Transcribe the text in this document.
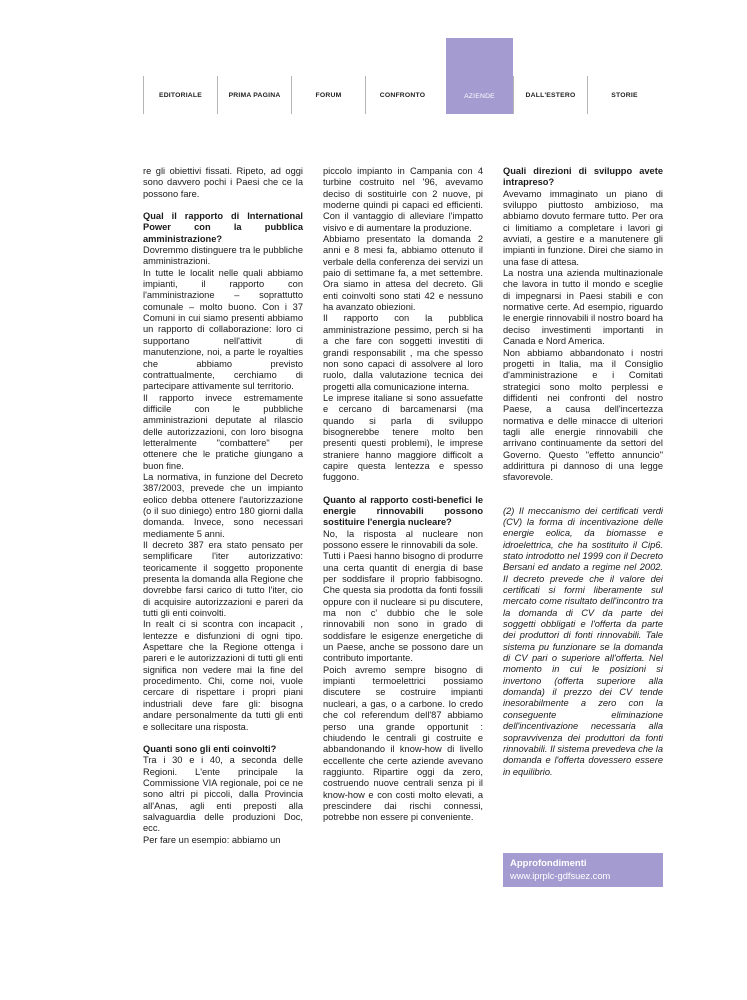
EDITORIALE	PRIMA PAGINA	FORUM	CONFRONTO	AZIENDE	DALL'ESTERO	STORIE

re gli obiettivi fissati. Ripeto, ad oggi sono davvero pochi i Paesi che ce la possono fare.

Qual il rapporto di International Power con la pubblica amministrazione?

Dovremmo distinguere tra le pubbliche amministrazioni.

In tutte le localit nelle quali abbiamo impianti, il rapporto con l'amministrazione – soprattutto comunale – molto buono. Con i 37 Comuni in cui siamo presenti abbiamo un rapporto di collaborazione: loro ci supportano nell'attivit di manutenzione, noi, a parte le royalties che abbiamo previsto contrattualmente, cerchiamo di partecipare attivamente sul territorio.

Il rapporto invece estremamente difficile con le pubbliche amministrazioni deputate al rilascio delle autorizzazioni, con loro bisogna letteralmente "combattere" per ottenere che le pratiche giungano a buon fine.

La normativa, in funzione del Decreto 387/2003, prevede che un impianto eolico debba ottenere l'autorizzazione (o il suo diniego) entro 180 giorni dalla domanda. Invece, sono necessari mediamente 5 anni.

Il decreto 387 era stato pensato per semplificare l'iter autorizzativo: teoricamente il soggetto proponente presenta la domanda alla Regione che dovrebbe farsi carico di tutto l'iter, cio di acquisire autorizzazioni e pareri da tutti gli enti coinvolti.

In realt ci si scontra con incapacit , lentezze e disfunzioni di ogni tipo. Aspettare che la Regione ottenga i pareri e le autorizzazioni di tutti gli enti significa non vedere mai la fine del procedimento. Chi, come noi, vuole cercare di rispettare i propri piani industriali deve fare gli: bisogna andare personalmente da tutti gli enti e sollecitare una risposta.

Quanti sono gli enti coinvolti?

Tra i 30 e i 40, a seconda delle Regioni. L'ente principale la Commissione VIA regionale, poi ce ne sono altri pi piccoli, dalla Provincia all'Anas, agli enti preposti alla salvaguardia delle produzioni Doc, ecc.

Per fare un esempio: abbiamo un

piccolo impianto in Campania con 4 turbine costruito nel '96, avevamo deciso di sostituirle con 2 nuove, pi moderne quindi pi capaci ed efficienti. Con il vantaggio di alleviare l'impatto visivo e di aumentare la produzione.

Abbiamo presentato la domanda 2 anni e 8 mesi fa, abbiamo ottenuto il verbale della conferenza dei servizi un paio di settimane fa, a met settembre. Ora siamo in attesa del decreto. Gli enti coinvolti sono stati 42 e nessuno ha avanzato obiezioni.

Il rapporto con la pubblica amministrazione pessimo, perch si ha a che fare con soggetti investiti di grandi responsabilit , ma che spesso non sono capaci di assolvere al loro ruolo, dalla valutazione tecnica dei progetti alla comunicazione interna.

Le imprese italiane si sono assuefatte e cercano di barcamenarsi (ma quando si parla di sviluppo bisognerebbe tenere molto ben presenti questi problemi), le imprese straniere hanno maggiore difficolt a capire questa lentezza e spesso fuggono.

Quanto al rapporto costi-benefici le energie rinnovabili possono sostituire l'energia nucleare?

No, la risposta al nucleare non possono essere le rinnovabili da sole.

Tutti i Paesi hanno bisogno di produrre una certa quantit di energia di base per soddisfare il proprio fabbisogno. Che questa sia prodotta da fonti fossili oppure con il nucleare si pu discutere, ma non c' dubbio che le sole rinnovabili non sono in grado di soddisfare le esigenze energetiche di un Paese, anche se possono dare un contributo importante.

Poich avremo sempre bisogno di impianti termoelettrici possiamo discutere se costruire impianti nucleari, a gas, o a carbone. Io credo che col referendum dell'87 abbiamo perso una grande opportunit : chiudendo le centrali gi costruite e abbandonando il know-how di livello eccellente che certe aziende avevano raggiunto. Ripartire oggi da zero, costruendo nuove centrali senza pi il know-how e con costi molto elevati, a prescindere dai rischi connessi, potrebbe non essere pi conveniente.

Quali direzioni di sviluppo avete intrapreso?

Avevamo immaginato un piano di sviluppo piuttosto ambizioso, ma abbiamo dovuto fermare tutto. Per ora ci limitiamo a completare i lavori gi avviati, a gestire e a manutenere gli impianti in funzione. Direi che siamo in una fase di attesa.

La nostra una azienda multinazionale che lavora in tutto il mondo e sceglie di impegnarsi in Paesi stabili e con normative certe. Ad esempio, riguardo le energie rinnovabili il nostro board ha deciso investimenti importanti in Canada e Nord America.

Non abbiamo abbandonato i nostri progetti in Italia, ma il Consiglio d'amministrazione e i Comitati strategici sono molto perplessi e diffidenti nei confronti del nostro Paese, a causa dell'incertezza normativa e delle minacce di ulteriori tagli alle energie rinnovabili che arrivano continuamente da settori del Governo. Questo "effetto annuncio" addirittura pi dannoso di una legge sfavorevole.

(2) Il meccanismo dei certificati verdi (CV) la forma di incentivazione delle energie eolica, da biomasse e idroelettrica, che ha sostituito il Cip6. stato introdotto nel 1999 con il Decreto Bersani ed andato a regime nel 2002. Il decreto prevede che il valore dei certificati si formi liberamente sul mercato come risultato dell'incontro tra la domanda di CV da parte dei soggetti obbligati e l'offerta da parte dei produttori di fonti rinnovabili. Tale sistema pu funzionare se la domanda di CV pari o superiore all'offerta. Nel momento in cui le posizioni si invertono (offerta superiore alla domanda) il prezzo dei CV tende inesorabilmente a zero con la conseguente eliminazione dell'incentivazione necessaria alla sopravvivenza dei produttori da fonti rinnovabili. Il sistema prevedeva che la domanda e l'offerta dovessero essere in equilibrio.

Approfondimenti
www.iprplc-gdfsuez.com
